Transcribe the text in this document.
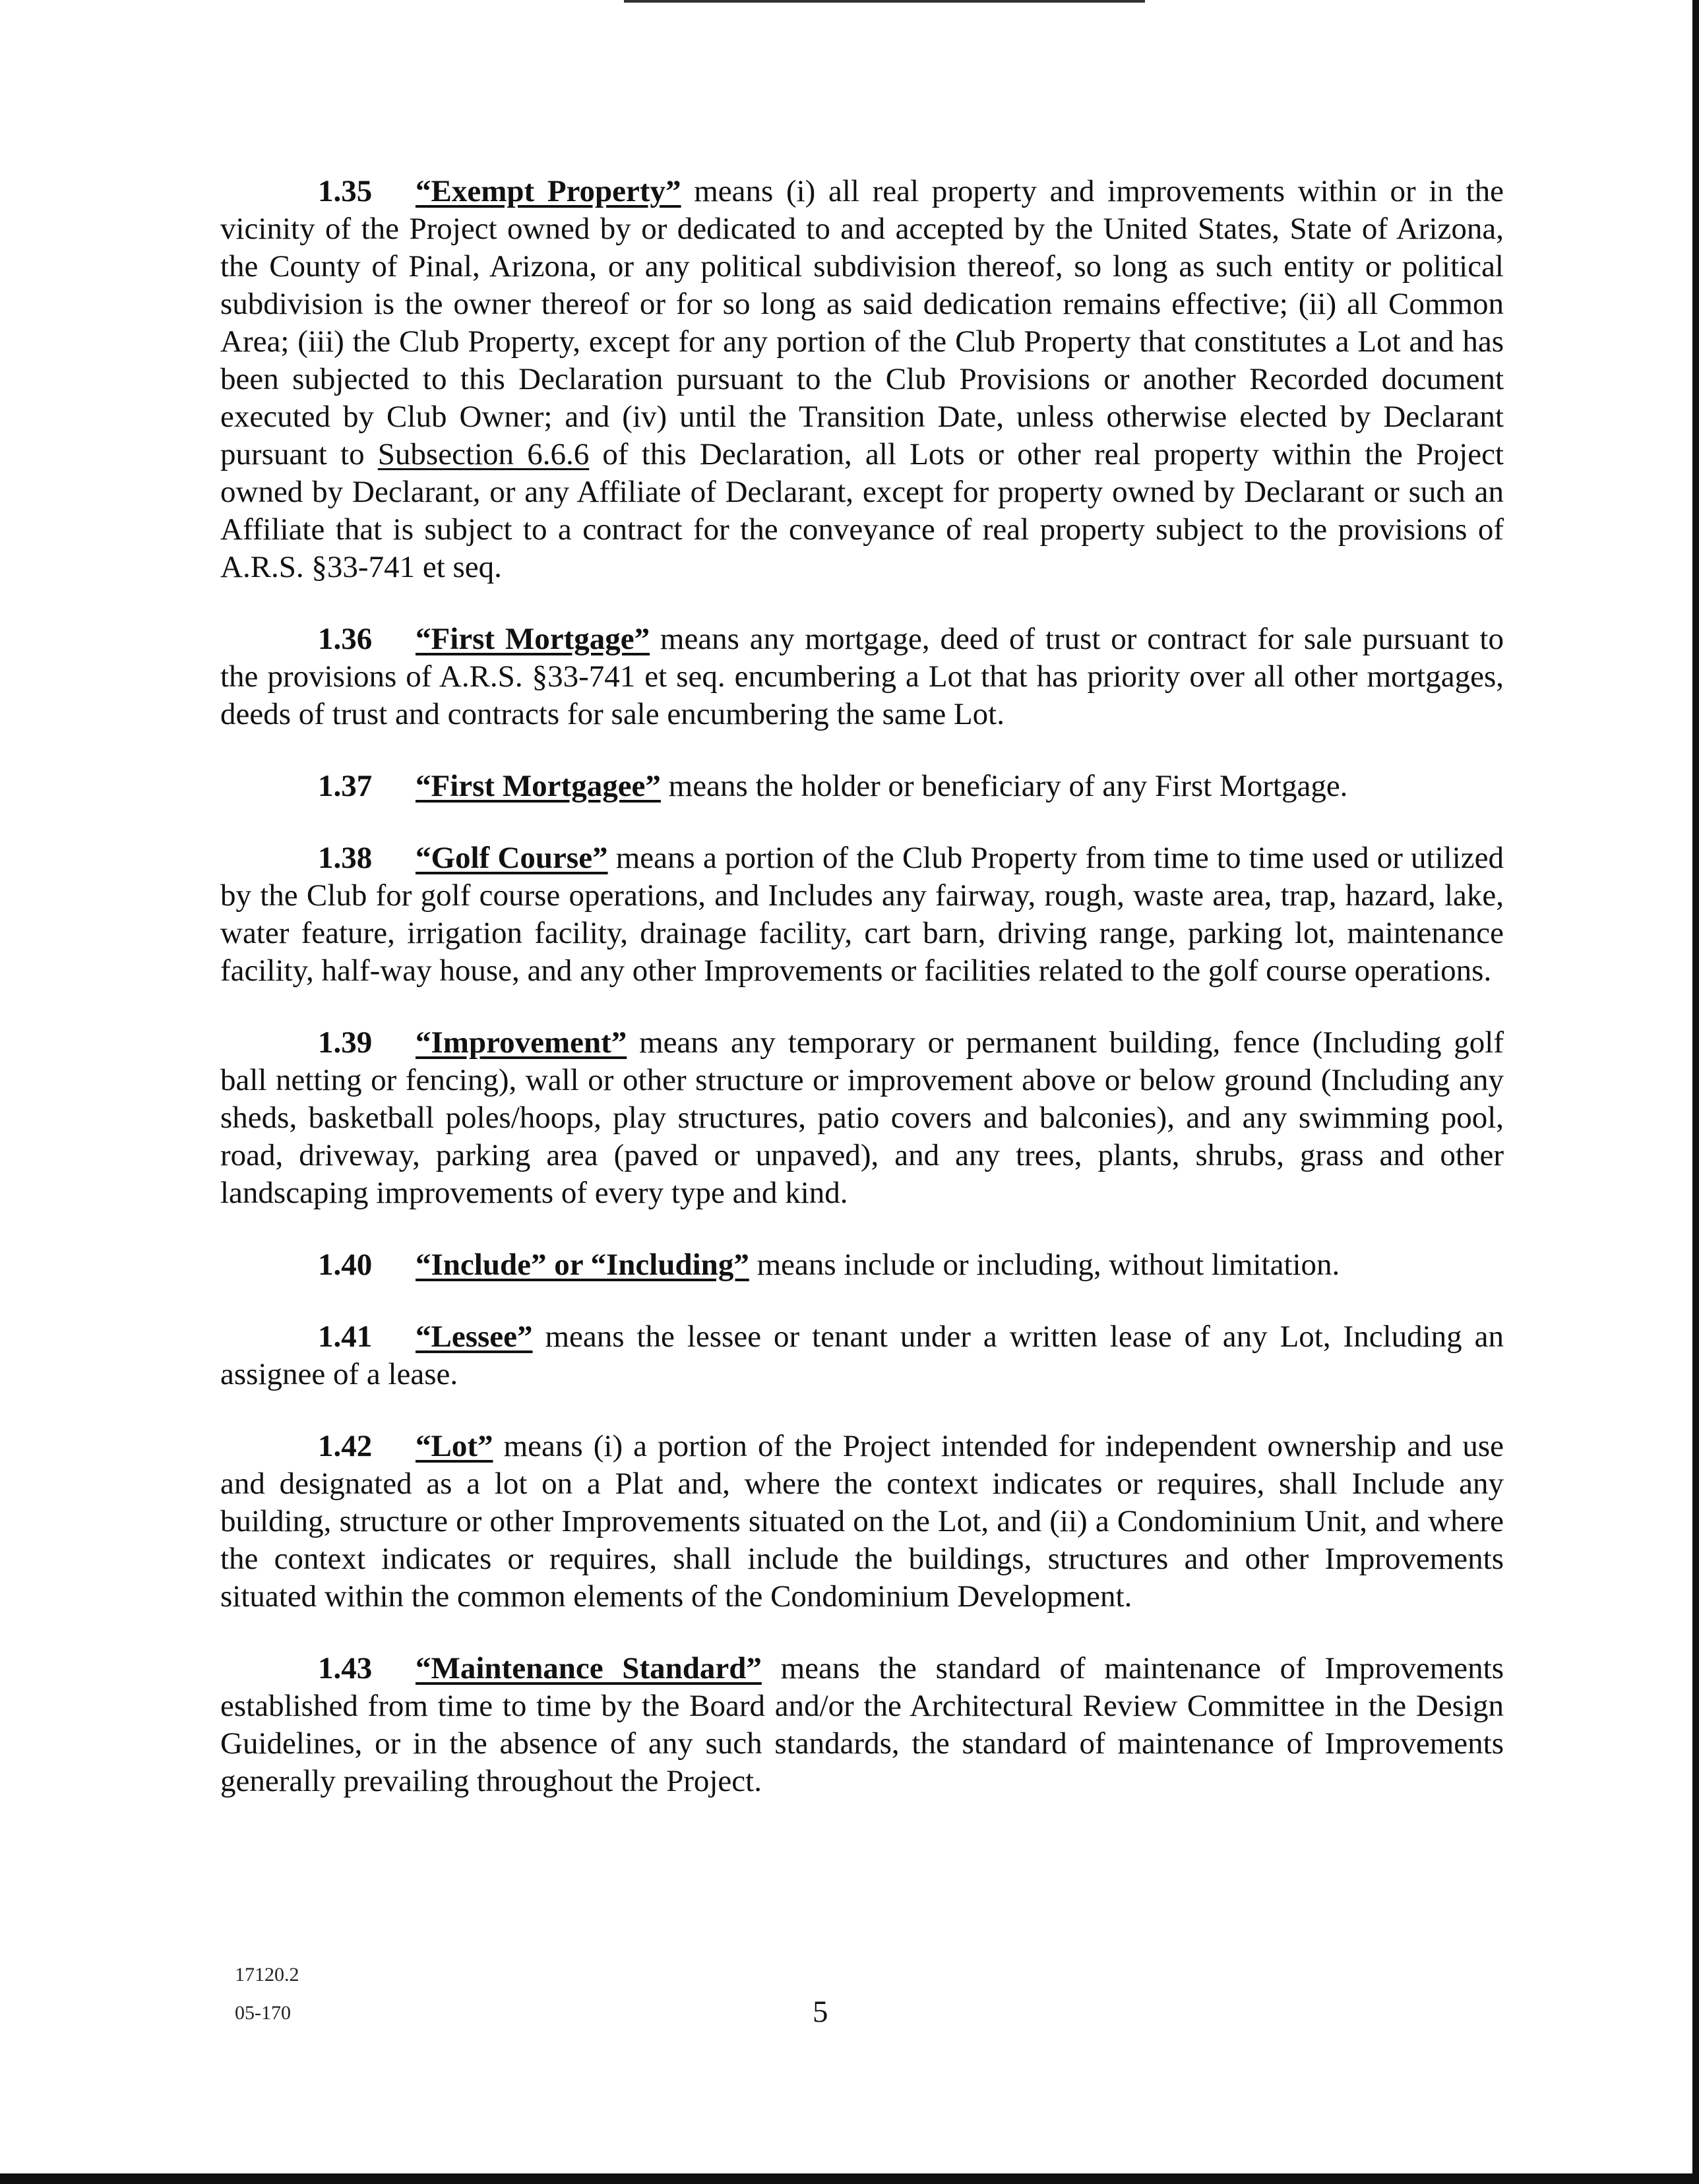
1.35 “Exempt Property” means (i) all real property and improvements within or in the vicinity of the Project owned by or dedicated to and accepted by the United States, State of Arizona, the County of Pinal, Arizona, or any political subdivision thereof, so long as such entity or political subdivision is the owner thereof or for so long as said dedication remains effective; (ii) all Common Area; (iii) the Club Property, except for any portion of the Club Property that constitutes a Lot and has been subjected to this Declaration pursuant to the Club Provisions or another Recorded document executed by Club Owner; and (iv) until the Transition Date, unless otherwise elected by Declarant pursuant to Subsection 6.6.6 of this Declaration, all Lots or other real property within the Project owned by Declarant, or any Affiliate of Declarant, except for property owned by Declarant or such an Affiliate that is subject to a contract for the conveyance of real property subject to the provisions of A.R.S. §33-741 et seq.

1.36 “First Mortgage” means any mortgage, deed of trust or contract for sale pursuant to the provisions of A.R.S. §33-741 et seq. encumbering a Lot that has priority over all other mortgages, deeds of trust and contracts for sale encumbering the same Lot.

1.37 “First Mortgagee” means the holder or beneficiary of any First Mortgage.

1.38 “Golf Course” means a portion of the Club Property from time to time used or utilized by the Club for golf course operations, and Includes any fairway, rough, waste area, trap, hazard, lake, water feature, irrigation facility, drainage facility, cart barn, driving range, parking lot, maintenance facility, half-way house, and any other Improvements or facilities related to the golf course operations.

1.39 “Improvement” means any temporary or permanent building, fence (Including golf ball netting or fencing), wall or other structure or improvement above or below ground (Including any sheds, basketball poles/hoops, play structures, patio covers and balconies), and any swimming pool, road, driveway, parking area (paved or unpaved), and any trees, plants, shrubs, grass and other landscaping improvements of every type and kind.

1.40 “Include” or “Including” means include or including, without limitation.

1.41 “Lessee” means the lessee or tenant under a written lease of any Lot, Including an assignee of a lease.

1.42 “Lot” means (i) a portion of the Project intended for independent ownership and use and designated as a lot on a Plat and, where the context indicates or requires, shall Include any building, structure or other Improvements situated on the Lot, and (ii) a Condominium Unit, and where the context indicates or requires, shall include the buildings, structures and other Improvements situated within the common elements of the Condominium Development.

1.43 “Maintenance Standard” means the standard of maintenance of Improvements established from time to time by the Board and/or the Architectural Review Committee in the Design Guidelines, or in the absence of any such standards, the standard of maintenance of Improvements generally prevailing throughout the Project.

17120.2
05-170	5
